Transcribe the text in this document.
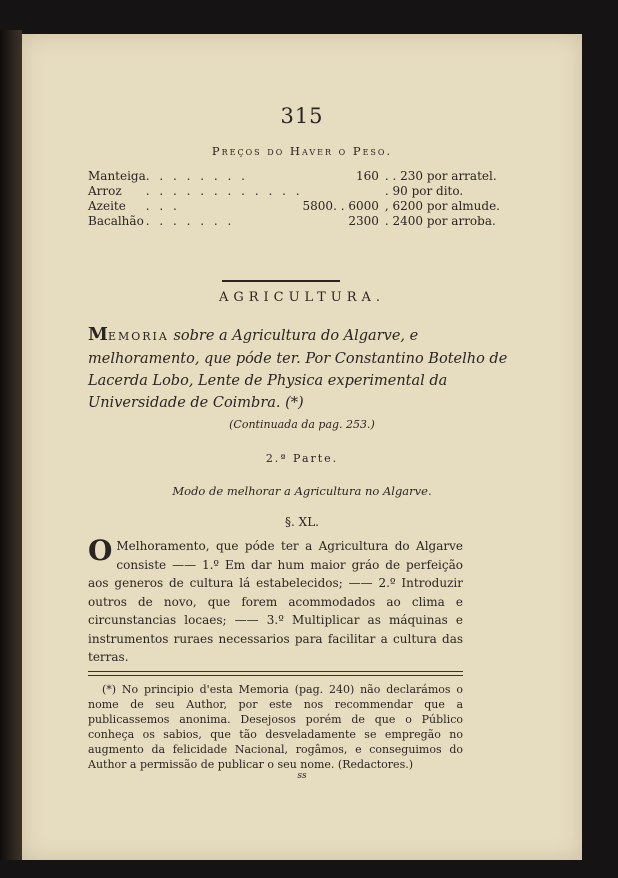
315
Preços do Haver o Peso.
Manteiga	. . . . . . . .		160	. . 230 por arratel.
Arroz	. . . . . . . . . . . .			. 90 por dito.
Azeite	. . .	5800	. . 6000	, 6200 por almude.
Bacalhão	. . . . . . .		2300	. 2400 por arroba.
AGRICULTURA.
MEMORIA sobre a Agricultura do Algarve, e melhoramento, que póde ter. Por Constantino Botelho de Lacerda Lobo, Lente de Physica experimental da Universidade de Coimbra. (*)
(Continuada da pag. 253.)
2.ª Parte.
Modo de melhorar a Agricultura no Algarve.
§. XL.
O Melhoramento, que póde ter a Agricultura do Algarve consiste —— 1.º Em dar hum maior gráo de perfeição aos generos de cultura lá estabelecidos; —— 2.º Introduzir outros de novo, que forem acommodados ao clima e circunstancias locaes; —— 3.º Multiplicar as máquinas e instrumentos ruraes necessarios para facilitar a cultura das terras.
(*) No principio d'esta Memoria (pag. 240) não declarámos o nome de seu Author, por este nos recommendar que a publicassemos anonima. Desejosos porém de que o Público conheça os sabios, que tão desveladamente se empregão no augmento da felicidade Nacional, rogâmos, e conseguimos do Author a permissão de publicar o seu nome. (Redactores.)
ss
